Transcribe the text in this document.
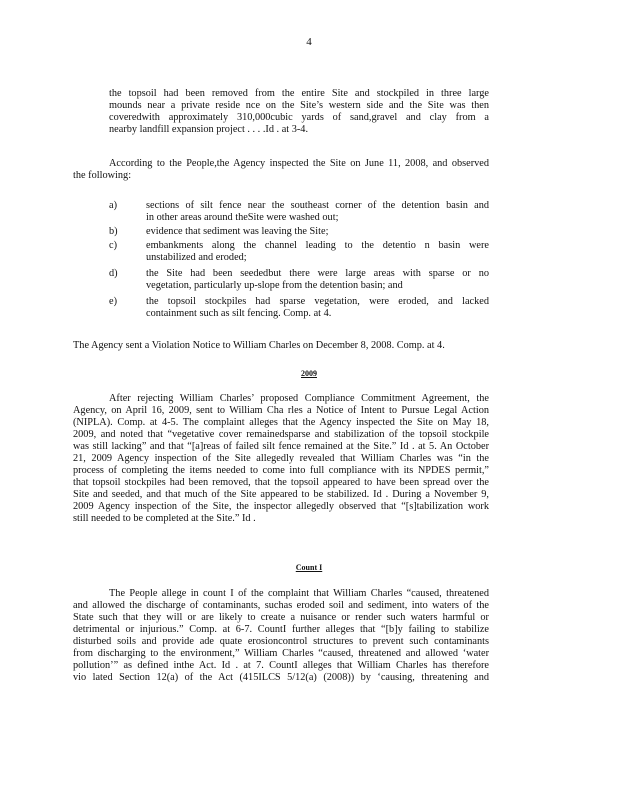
4
the topsoil had been removed from the entire Site and stockpiled in three large
mounds near a private reside nce on the Site’s western side and the Site was then
coveredwith approximately 310,000cubic yards of sand,gravel and clay from a
nearby landfill expansion project . . . .Id . at 3-4.
According to the People,the Agency inspected the Site on June 11, 2008, and observed
the following:
a)	sections of silt fence near the southeast corner of the detention basin and
in other areas around theSite were washed out;
b)	evidence that sediment was leaving the Site;
c)	embankments along the channel leading to the detentio n basin were
unstabilized and eroded;
d)	the Site had been seededbut there were large areas with sparse or no
vegetation, particularly up-slope from the detention basin; and
e)	the topsoil stockpiles had sparse vegetation, were eroded, and lacked
containment such as silt fencing. Comp. at 4.
The Agency sent a Violation Notice to William Charles on December 8, 2008. Comp. at 4.
2009
After rejecting William Charles’ proposed Compliance Commitment Agreement, the
Agency, on April 16, 2009, sent to William Cha rles a Notice of Intent to Pursue Legal Action
(NIPLA). Comp. at 4-5. The complaint alleges that the Agency inspected the Site on May 18,
2009, and noted that “vegetative cover remainedsparse and stabilization of the topsoil stockpile
was still lacking” and that “[a]reas of failed silt fence remained at the Site.” Id . at 5. An October
21, 2009 Agency inspection of the Site allegedly revealed that William Charles was “in the
process of completing the items needed to come into full compliance with its NPDES permit,”
that topsoil stockpiles had been removed, that the topsoil appeared to have been spread over the
Site and seeded, and that much of the Site appeared to be stabilized. Id . During a November 9,
2009 Agency inspection of the Site, the inspector allegedly observed that “[s]tabilization work
still needed to be completed at the Site.” Id .
Count I
The People allege in count I of the complaint that William Charles “caused, threatened
and allowed the discharge of contaminants, suchas eroded soil and sediment, into waters of the
State such that they will or are likely to create a nuisance or render such waters harmful or
detrimental or injurious.” Comp. at 6-7. CountI further alleges that “[b]y failing to stabilize
disturbed soils and provide ade quate erosioncontrol structures to prevent such contaminants
from discharging to the environment,” William Charles “caused, threatened and allowed ‘water
pollution’” as defined inthe Act. Id . at 7. CountI alleges that William Charles has therefore
vio lated Section 12(a) of the Act (415ILCS 5/12(a) (2008)) by ‘causing, threatening and
